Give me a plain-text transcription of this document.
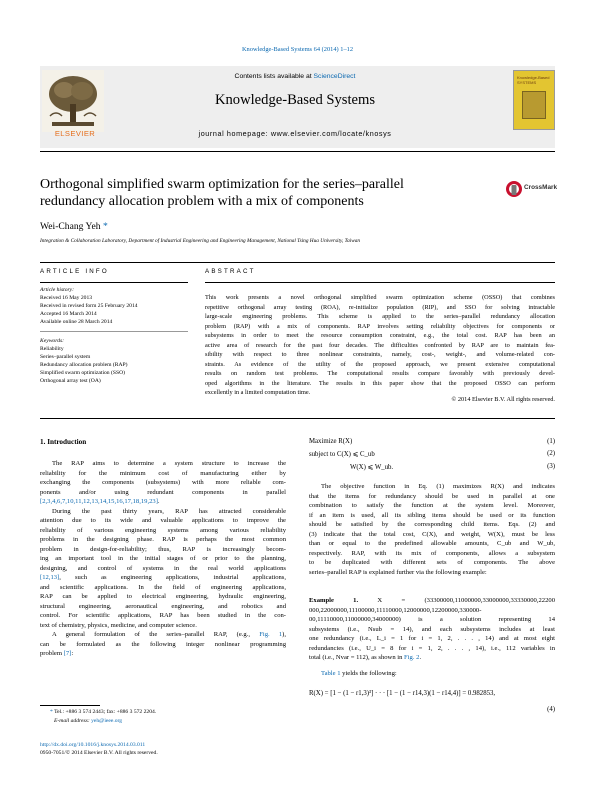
Knowledge-Based Systems 64 (2014) 1–12
ELSEVIER
Contents lists available at ScienceDirect
Knowledge-Based Systems
journal homepage: www.elsevier.com/locate/knosys
Knowledge-Based SYSTEMS
Orthogonal simplified swarm optimization for the series–parallel
redundancy allocation problem with a mix of components
CrossMark
Wei-Chang Yeh *
Integration & Collaboration Laboratory, Department of Industrial Engineering and Engineering Management, National Tsing Hua University, Taiwan
ARTICLE INFO
Article history:
Received 16 May 2013
Received in revised form 25 February 2014
Accepted 16 March 2014
Available online 28 March 2014
Keywords:
Reliability
Series–parallel system
Redundancy allocation problem (RAP)
Simplified swarm optimization (SSO)
Orthogonal array test (OA)
ABSTRACT
This work presents a novel orthogonal simplified swarm optimization scheme (OSSO) that combines
repetitive orthogonal array testing (ROA), re-initialize population (RIP), and SSO for solving intractable
large-scale engineering problems. This scheme is applied to the series–parallel redundancy allocation
problem (RAP) with a mix of components. RAP involves setting reliability objectives for components or
subsystems in order to meet the resource consumption constraint, e.g., the total cost. RAP has been an
active area of research for the past four decades. The difficulties confronted by RAP are to maintain fea-
sibility with respect to three nonlinear constraints, namely, cost-, weight-, and volume-related con-
straints. As evidence of the utility of the proposed approach, we present extensive computational
results on random test problems. The computational results compare favorably with previously devel-
oped algorithms in the literature. The results in this paper show that the proposed OSSO can perform
excellently in a limited computation time.
© 2014 Elsevier B.V. All rights reserved.
1. Introduction
The RAP aims to determine a system structure to increase the
reliability for the minimum cost of manufacturing either by
exchanging the components (subsystems) with more reliable com-
ponents and/or using redundant components in parallel
[2,3,4,6,7,10,11,12,13,14,15,16,17,18,19,23].
During the past thirty years, RAP has attracted considerable
attention due to its wide and valuable applications to improve the
reliability of various engineering systems among various reliability
problems in the designing phase. RAP is perhaps the most common
problem in design-for-reliability; thus, RAP is increasingly becom-
ing an important tool in the initial stages of or prior to the planning,
designing, and control of systems in the real world applications
[12,13], such as engineering applications, industrial applications,
and scientific applications. In the field of engineering applications,
RAP can be applied to electrical engineering, hydraulic engineering,
structural engineering, aeronautical engineering, and robotics and
control. For scientific applications, RAP has been studied in the con-
text of chemistry, physics, medicine, and computer science.
A general formulation of the series–parallel RAP, (e.g., Fig. 1),
can be formulated as the following integer nonlinear programming
problem [7]:
* Tel.: +886 3 574 2443; fax: +886 3 572 2204.
E-mail address: yeh@ieee.org
http://dx.doi.org/10.1016/j.knosys.2014.03.011
0950-7051/© 2014 Elsevier B.V. All rights reserved.
Maximize R(X)	(1)
subject to C(X) ⩽ C_ub	(2)
W(X) ⩽ W_ub.	(3)
The objective function in Eq. (1) maximizes R(X) and indicates
that the items for redundancy should be used in parallel at one
combination to satisfy the function at the system level. Moreover,
if an item is used, all its sibling items should be used or its function
should be satisfied by the corresponding child items. Eqs. (2) and
(3) indicate that the total cost, C(X), and weight, W(X), must be less
than or equal to the predefined allowable amounts, C_ub and W_ub,
respectively. RAP, with its mix of components, allows a subsystem
to be duplicated with different sets of components. The above
series–parallel RAP is explained further via the following example:
Example 1.	X = (33300000,11000000,33000000,33330000,22200
000,22000000,11100000,11110000,12000000,12200000,330000-
00,11110000,11000000,34000000) is a solution representing 14
subsystems (i.e., Nsub = 14), and each subsystems includes at least
one redundancy (i.e., L_i = 1 for i = 1, 2, . . . , 14) and at most eight
redundancies (i.e., U_i = 8 for i = 1, 2, . . . , 14), i.e., 112 variables in
total (i.e., Nvar = 112), as shown in Fig. 2.
Table 1 yields the following:
R(X) = [1 − (1 − r1,3)³] · · · [1 − (1 − r14,3)(1 − r14,4)] = 0.982853,
(4)
